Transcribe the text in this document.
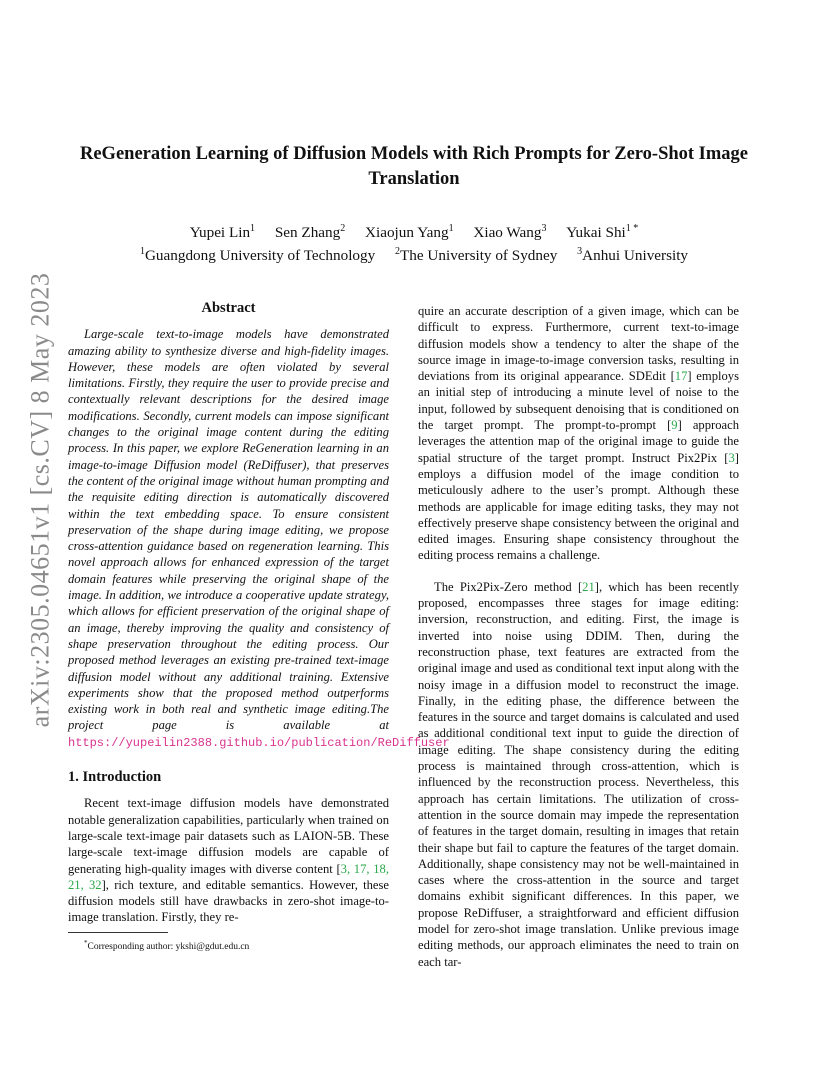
arXiv:2305.04651v1 [cs.CV] 8 May 2023
ReGeneration Learning of Diffusion Models with Rich Prompts for Zero-Shot Image Translation
Yupei Lin$^1$ Sen Zhang$^2$ Xiaojun Yang$^1$ Xiao Wang$^3$ Yukai Shi$^{1 *}$
$^1$Guangdong University of Technology $^2$The University of Sydney $^3$Anhui University
Abstract

Large-scale text-to-image models have demonstrated amazing ability to synthesize diverse and high-fidelity images. However, these models are often violated by several limitations. Firstly, they require the user to provide precise and contextually relevant descriptions for the desired image modifications. Secondly, current models can impose significant changes to the original image content during the editing process. In this paper, we explore ReGeneration learning in an image-to-image Diffusion model (ReDiffuser), that preserves the content of the original image without human prompting and the requisite editing direction is automatically discovered within the text embedding space. To ensure consistent preservation of the shape during image editing, we propose cross-attention guidance based on regeneration learning. This novel approach allows for enhanced expression of the target domain features while preserving the original shape of the image. In addition, we introduce a cooperative update strategy, which allows for efficient preservation of the original shape of an image, thereby improving the quality and consistency of shape preservation throughout the editing process. Our proposed method leverages an existing pre-trained text-image diffusion model without any additional training. Extensive experiments show that the proposed method outperforms existing work in both real and synthetic image editing.The project page is available at https://yupeilin2388.github.io/publication/ReDiffuser

1. Introduction

Recent text-image diffusion models have demonstrated notable generalization capabilities, particularly when trained on large-scale text-image pair datasets such as LAION-5B. These large-scale text-image diffusion models are capable of generating high-quality images with diverse content [3, 17, 18, 21, 32], rich texture, and editable semantics. However, these diffusion models still have drawbacks in zero-shot image-to-image translation. Firstly, they re-

*Corresponding author: ykshi@gdut.edu.cn

quire an accurate description of a given image, which can be difficult to express. Furthermore, current text-to-image diffusion models show a tendency to alter the shape of the source image in image-to-image conversion tasks, resulting in deviations from its original appearance. SDEdit [17] employs an initial step of introducing a minute level of noise to the input, followed by subsequent denoising that is conditioned on the target prompt. The prompt-to-prompt [9] approach leverages the attention map of the original image to guide the spatial structure of the target prompt. Instruct Pix2Pix [3] employs a diffusion model of the image condition to meticulously adhere to the user’s prompt. Although these methods are applicable for image editing tasks, they may not effectively preserve shape consistency between the original and edited images. Ensuring shape consistency throughout the editing process remains a challenge.

The Pix2Pix-Zero method [21], which has been recently proposed, encompasses three stages for image editing: inversion, reconstruction, and editing. First, the image is inverted into noise using DDIM. Then, during the reconstruction phase, text features are extracted from the original image and used as conditional text input along with the noisy image in a diffusion model to reconstruct the image. Finally, in the editing phase, the difference between the features in the source and target domains is calculated and used as additional conditional text input to guide the direction of image editing. The shape consistency during the editing process is maintained through cross-attention, which is influenced by the reconstruction process. Nevertheless, this approach has certain limitations. The utilization of cross-attention in the source domain may impede the representation of features in the target domain, resulting in images that retain their shape but fail to capture the features of the target domain. Additionally, shape consistency may not be well-maintained in cases where the cross-attention in the source and target domains exhibit significant differences. In this paper, we propose ReDiffuser, a straightforward and efficient diffusion model for zero-shot image translation. Unlike previous image editing methods, our approach eliminates the need to train on each tar-
